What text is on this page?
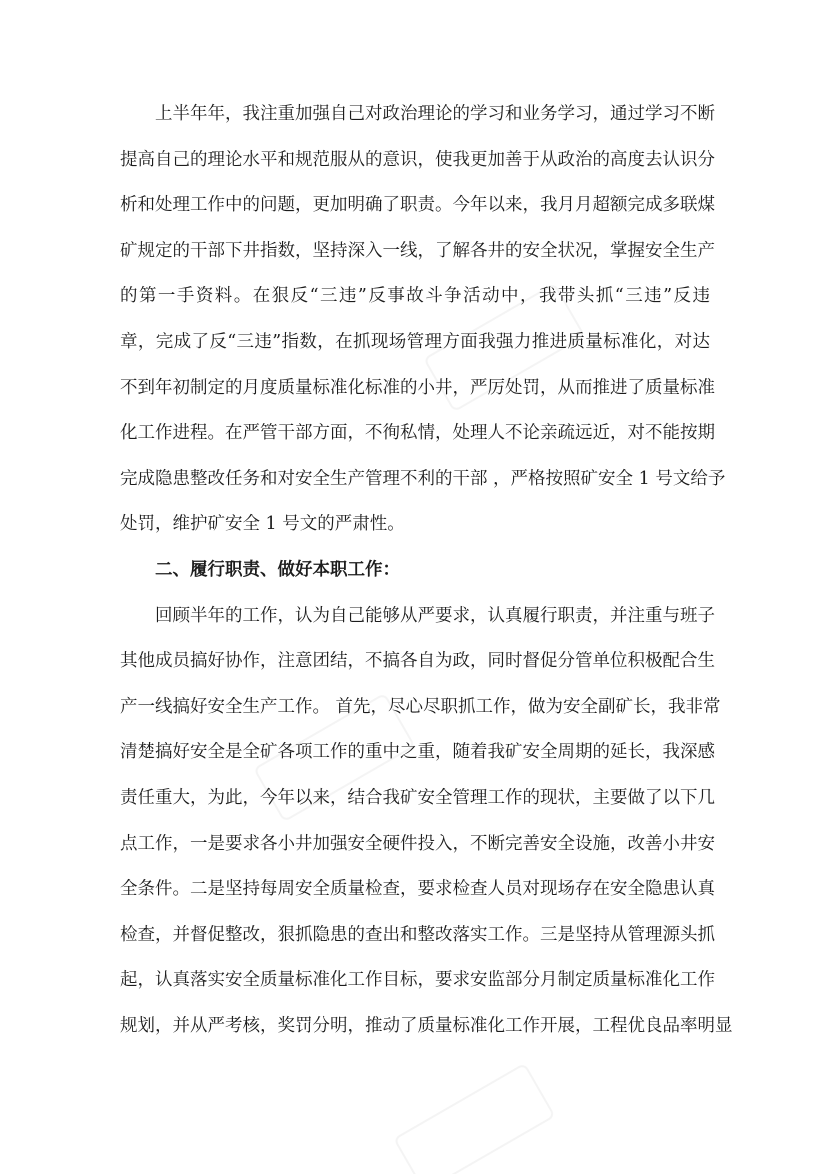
上半年年，我注重加强自己对政治理论的学习和业务学习，通过学习不断
提高自己的理论水平和规范服从的意识，使我更加善于从政治的高度去认识分
析和处理工作中的问题，更加明确了职责。今年以来，我月月超额完成多联煤
矿规定的干部下井指数，坚持深入一线，了解各井的安全状况，掌握安全生产
的第一手资料。在狠反“三违”反事故斗争活动中，我带头抓“三违”反违
章，完成了反“三违”指数，在抓现场管理方面我强力推进质量标准化，对达
不到年初制定的月度质量标准化标准的小井，严厉处罚，从而推进了质量标准
化工作进程。在严管干部方面，不徇私情，处理人不论亲疏远近，对不能按期
完成隐患整改任务和对安全生产管理不利的干部 ，严格按照矿安全 1 号文给予
处罚，维护矿安全 1 号文的严肃性。
二、履行职责、做好本职工作：
回顾半年的工作，认为自己能够从严要求，认真履行职责，并注重与班子
其他成员搞好协作，注意团结，不搞各自为政，同时督促分管单位积极配合生
产一线搞好安全生产工作。 首先，尽心尽职抓工作，做为安全副矿长，我非常
清楚搞好安全是全矿各项工作的重中之重，随着我矿安全周期的延长，我深感
责任重大，为此，今年以来，结合我矿安全管理工作的现状，主要做了以下几
点工作，一是要求各小井加强安全硬件投入，不断完善安全设施，改善小井安
全条件。二是坚持每周安全质量检查，要求检查人员对现场存在安全隐患认真
检查，并督促整改，狠抓隐患的查出和整改落实工作。三是坚持从管理源头抓
起，认真落实安全质量标准化工作目标，要求安监部分月制定质量标准化工作
规划，并从严考核，奖罚分明，推动了质量标准化工作开展，工程优良品率明显
